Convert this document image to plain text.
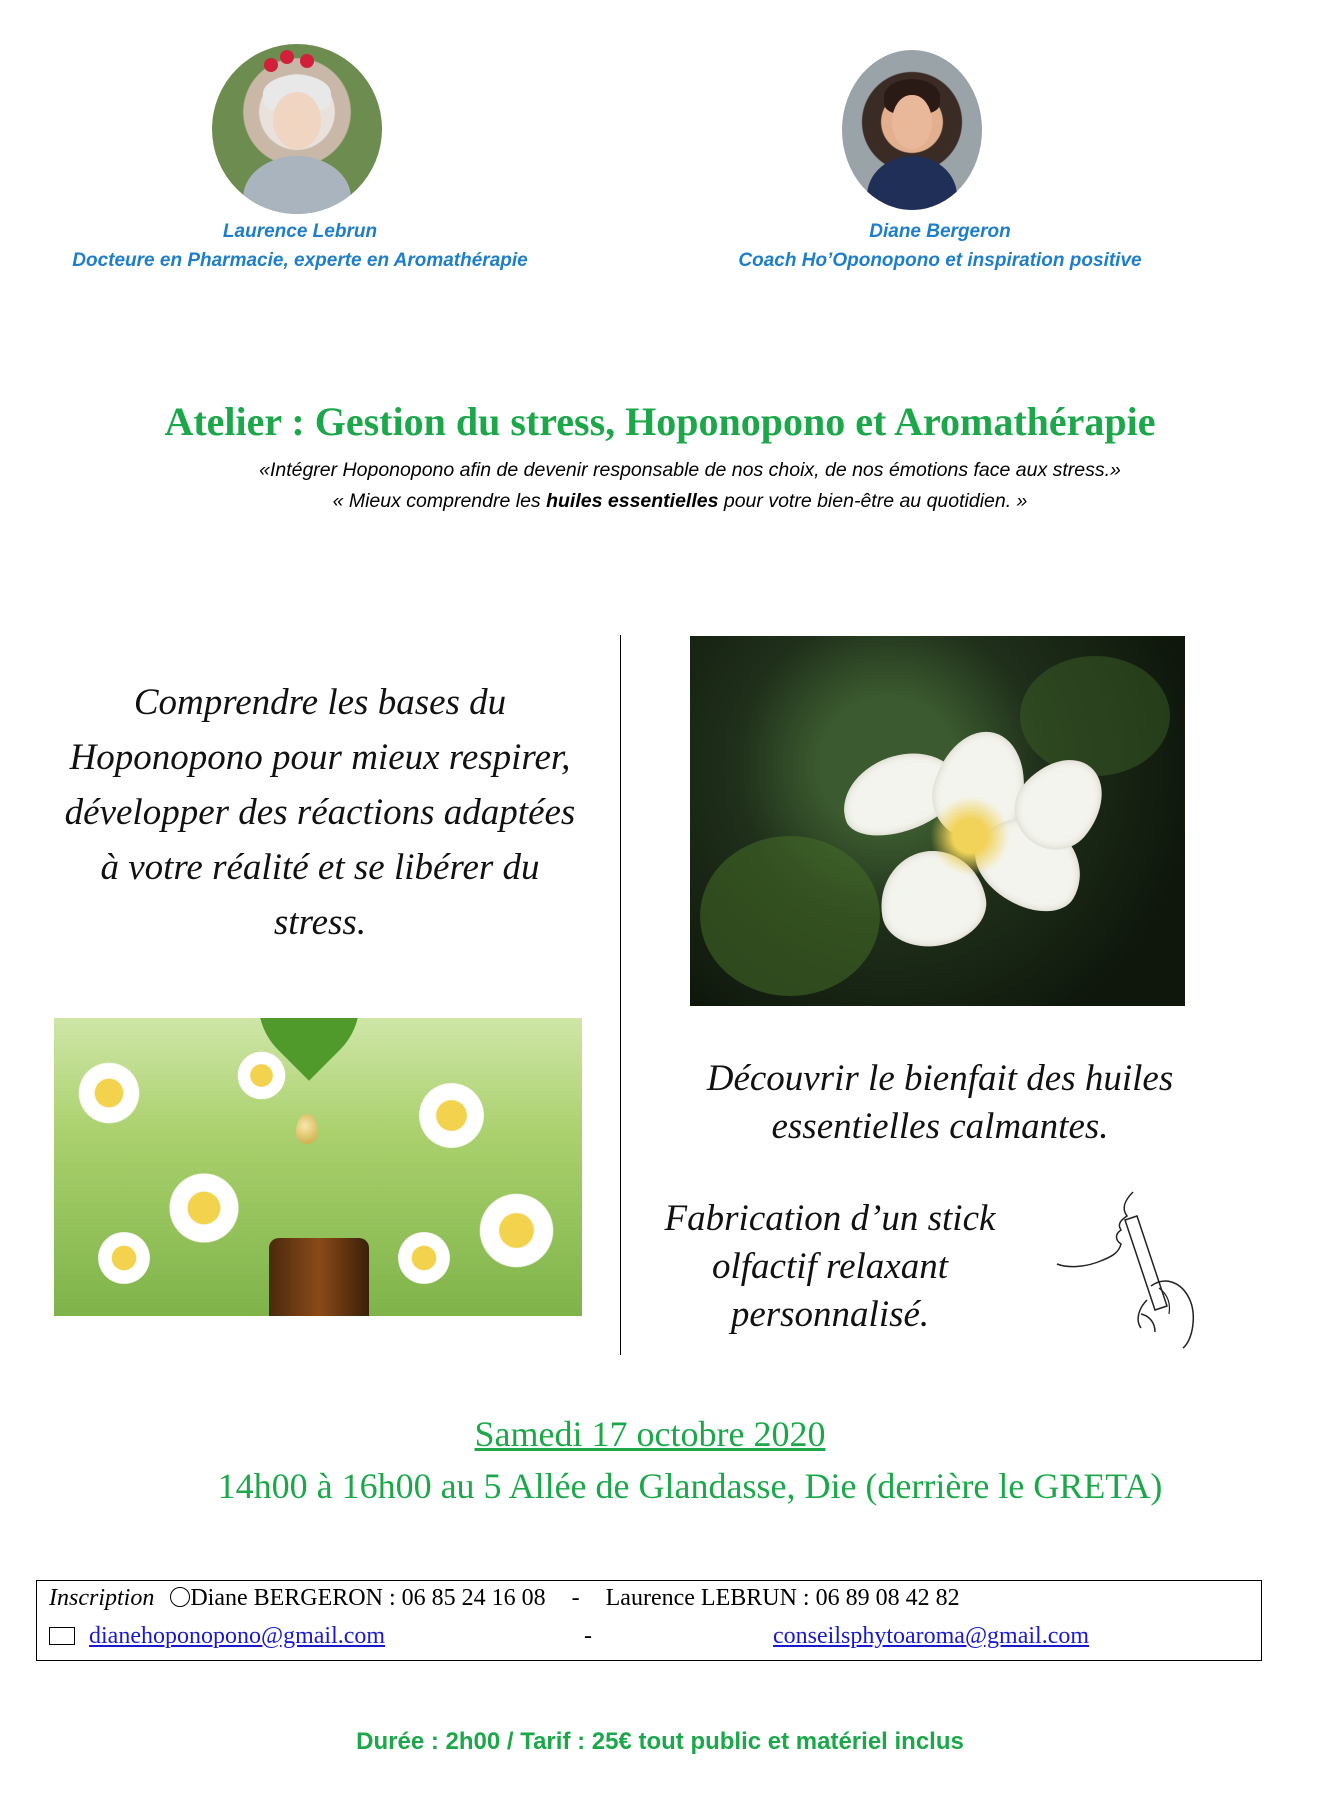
Laurence Lebrun
Docteure en Pharmacie, experte en Aromathérapie
Diane Bergeron
Coach Ho’Oponopono et inspiration positive
Atelier : Gestion du stress, Hoponopono et Aromathérapie
«Intégrer Hoponopono afin de devenir responsable de nos choix, de nos émotions face aux stress.»
« Mieux comprendre les huiles essentielles pour votre bien-être au quotidien. »
Comprendre les bases du
Hoponopono pour mieux respirer,
développer des réactions adaptées
à votre réalité et se libérer du
stress.
Découvrir le bienfait des huiles
essentielles calmantes.
Fabrication d’un stick
olfactif relaxant
personnalisé.
Samedi 17 octobre 2020
14h00 à 16h00 au 5 Allée de Glandasse, Die (derrière le GRETA)
Inscription Diane BERGERON : 06 85 24 16 08 - Laurence LEBRUN : 06 89 08 42 82
dianehoponopono@gmail.com	-	conseilsphytoaroma@gmail.com
Durée : 2h00 / Tarif : 25€ tout public et matériel inclus
